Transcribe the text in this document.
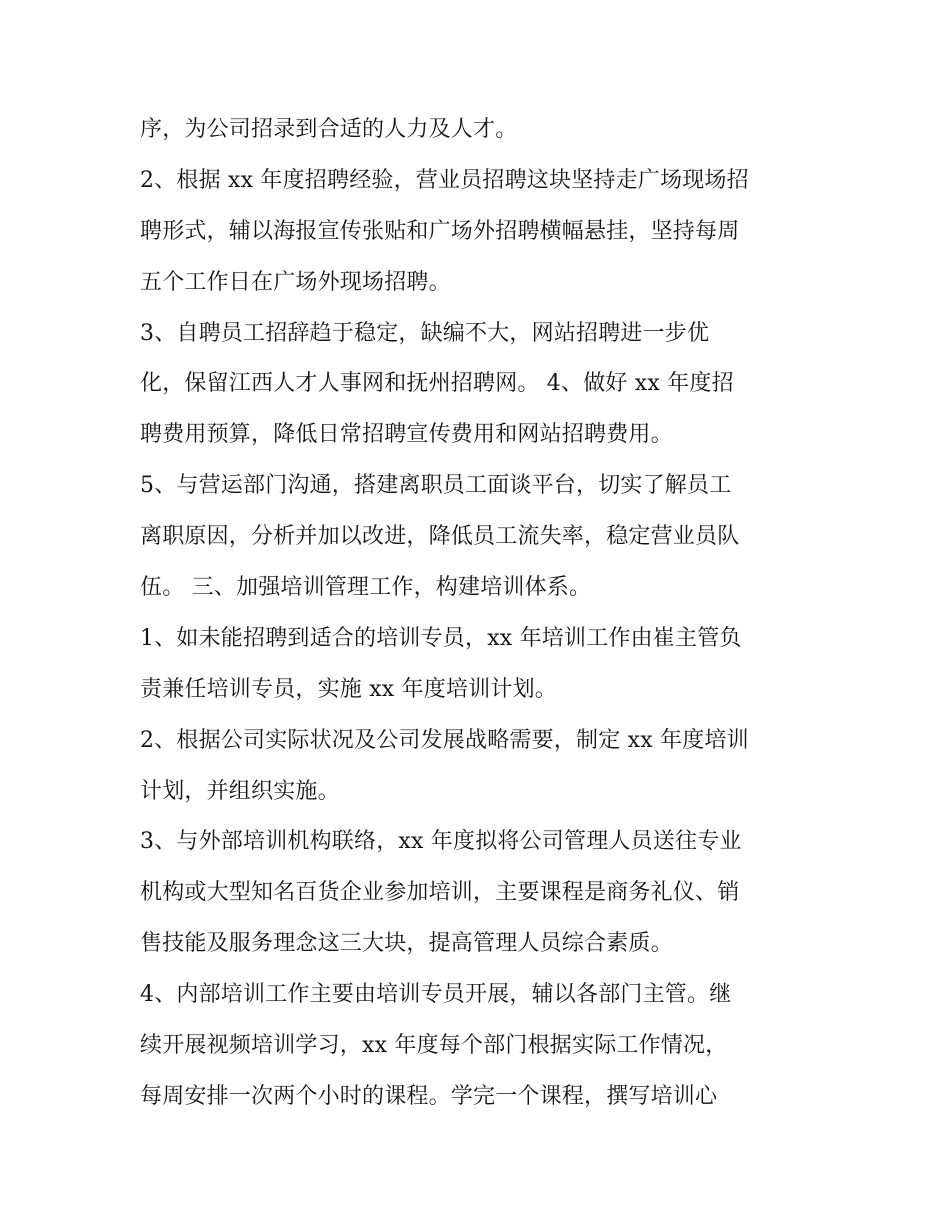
序，为公司招录到合适的人力及人才。
2、根据 xx 年度招聘经验，营业员招聘这块坚持走广场现场招
聘形式，辅以海报宣传张贴和广场外招聘横幅悬挂，坚持每周
五个工作日在广场外现场招聘。
3、自聘员工招辞趋于稳定，缺编不大，网站招聘进一步优
化，保留江西人才人事网和抚州招聘网。 4、做好 xx 年度招
聘费用预算，降低日常招聘宣传费用和网站招聘费用。
5、与营运部门沟通，搭建离职员工面谈平台，切实了解员工
离职原因，分析并加以改进，降低员工流失率，稳定营业员队
伍。 三、加强培训管理工作，构建培训体系。
1、如未能招聘到适合的培训专员，xx 年培训工作由崔主管负
责兼任培训专员，实施 xx 年度培训计划。
2、根据公司实际状况及公司发展战略需要，制定 xx 年度培训
计划，并组织实施。
3、与外部培训机构联络，xx 年度拟将公司管理人员送往专业
机构或大型知名百货企业参加培训，主要课程是商务礼仪、销
售技能及服务理念这三大块，提高管理人员综合素质。
4、内部培训工作主要由培训专员开展，辅以各部门主管。继
续开展视频培训学习，xx 年度每个部门根据实际工作情况，
每周安排一次两个小时的课程。学完一个课程，撰写培训心
